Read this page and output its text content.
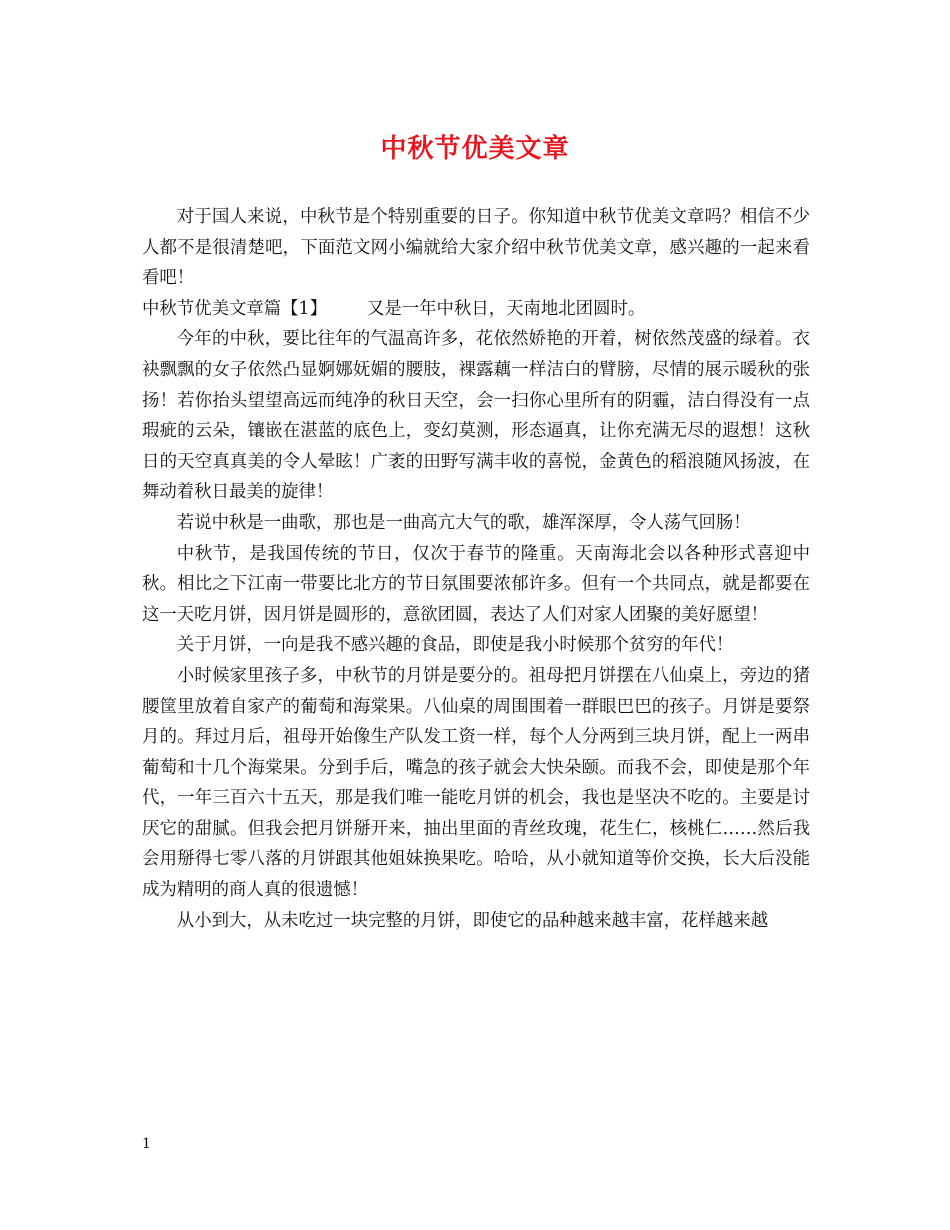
中秋节优美文章

对于国人来说，中秋节是个特别重要的日子。你知道中秋节优美文章吗？相信不少人都不是很清楚吧，下面范文网小编就给大家介绍中秋节优美文章，感兴趣的一起来看看吧！

中秋节优美文章篇【1】 又是一年中秋日，天南地北团圆时。

今年的中秋，要比往年的气温高许多，花依然娇艳的开着，树依然茂盛的绿着。衣袂飘飘的女子依然凸显婀娜妩媚的腰肢，裸露藕一样洁白的臂膀，尽情的展示暖秋的张扬！若你抬头望望高远而纯净的秋日天空，会一扫你心里所有的阴霾，洁白得没有一点瑕疵的云朵，镶嵌在湛蓝的底色上，变幻莫测，形态逼真，让你充满无尽的遐想！这秋日的天空真真美的令人晕眩！广袤的田野写满丰收的喜悦，金黄色的稻浪随风扬波，在舞动着秋日最美的旋律！

若说中秋是一曲歌，那也是一曲高亢大气的歌，雄浑深厚，令人荡气回肠！

中秋节，是我国传统的节日，仅次于春节的隆重。天南海北会以各种形式喜迎中秋。相比之下江南一带要比北方的节日氛围要浓郁许多。但有一个共同点，就是都要在这一天吃月饼，因月饼是圆形的，意欲团圆，表达了人们对家人团聚的美好愿望！

关于月饼，一向是我不感兴趣的食品，即使是我小时候那个贫穷的年代！

小时候家里孩子多，中秋节的月饼是要分的。祖母把月饼摆在八仙桌上，旁边的猪腰筐里放着自家产的葡萄和海棠果。八仙桌的周围围着一群眼巴巴的孩子。月饼是要祭月的。拜过月后，祖母开始像生产队发工资一样，每个人分两到三块月饼，配上一两串葡萄和十几个海棠果。分到手后，嘴急的孩子就会大快朵颐。而我不会，即使是那个年代，一年三百六十五天，那是我们唯一能吃月饼的机会，我也是坚决不吃的。主要是讨厌它的甜腻。但我会把月饼掰开来，抽出里面的青丝玫瑰，花生仁，核桃仁……然后我会用掰得七零八落的月饼跟其他姐妹换果吃。哈哈，从小就知道等价交换，长大后没能成为精明的商人真的很遗憾！

从小到大，从未吃过一块完整的月饼，即使它的品种越来越丰富，花样越来越

1
